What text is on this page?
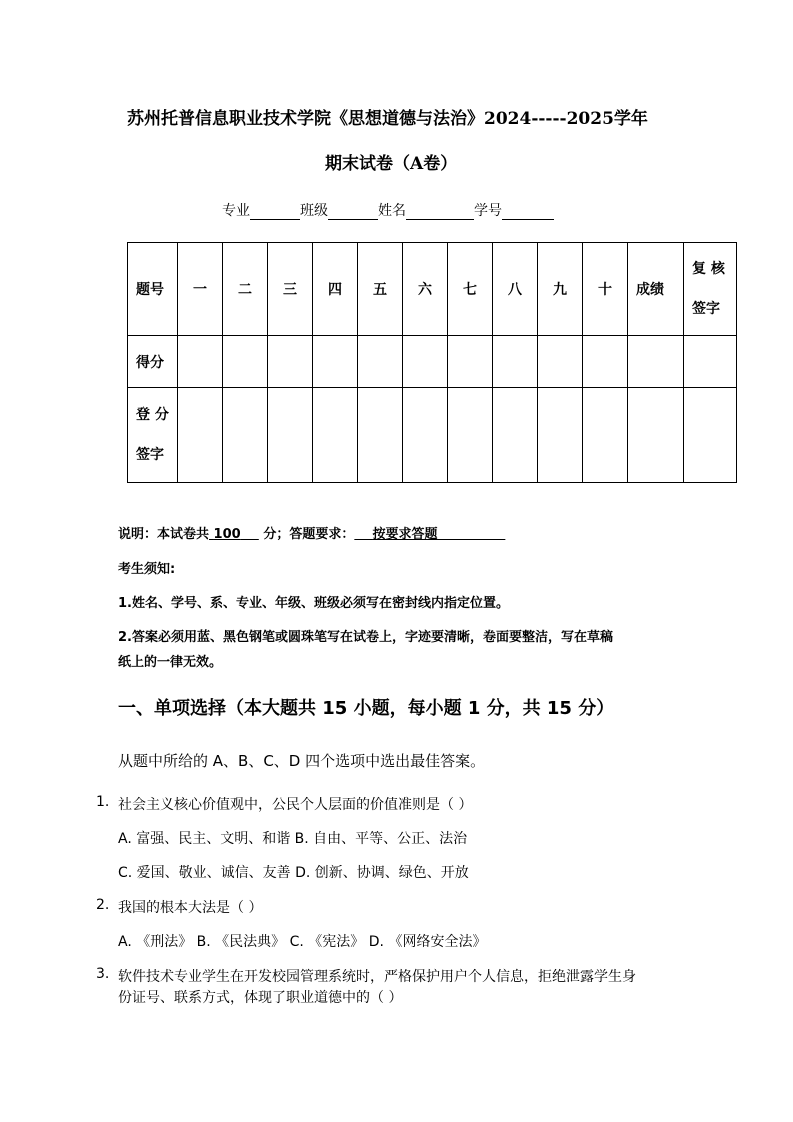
苏州托普信息职业技术学院《思想道德与法治》2024-----2025学年
期末试卷（A卷）
专业	班级	姓名	学号
题号	一	二	三	四	五	六	七	八	九	十	成绩	复 核
签字

得分												

登 分
签字												

说明：本试卷共 100 分；答题要求： 按要求答题
考生须知:
1.姓名、学号、系、专业、年级、班级必须写在密封线内指定位置。
2.答案必须用蓝、黑色钢笔或圆珠笔写在试卷上，字迹要清晰，卷面要整洁，写在草稿
纸上的一律无效。
一、单项选择（本大题共 15 小题，每小题 1 分，共 15 分）
从题中所给的 A、B、C、D 四个选项中选出最佳答案。
1. 社会主义核心价值观中，公民个人层面的价值准则是（ ）
A. 富强、民主、文明、和谐 B. 自由、平等、公正、法治
C. 爱国、敬业、诚信、友善 D. 创新、协调、绿色、开放
2. 我国的根本大法是（ ）
A. 《刑法》 B. 《民法典》 C. 《宪法》 D. 《网络安全法》
3. 软件技术专业学生在开发校园管理系统时，严格保护用户个人信息，拒绝泄露学生身
份证号、联系方式，体现了职业道德中的（ ）
